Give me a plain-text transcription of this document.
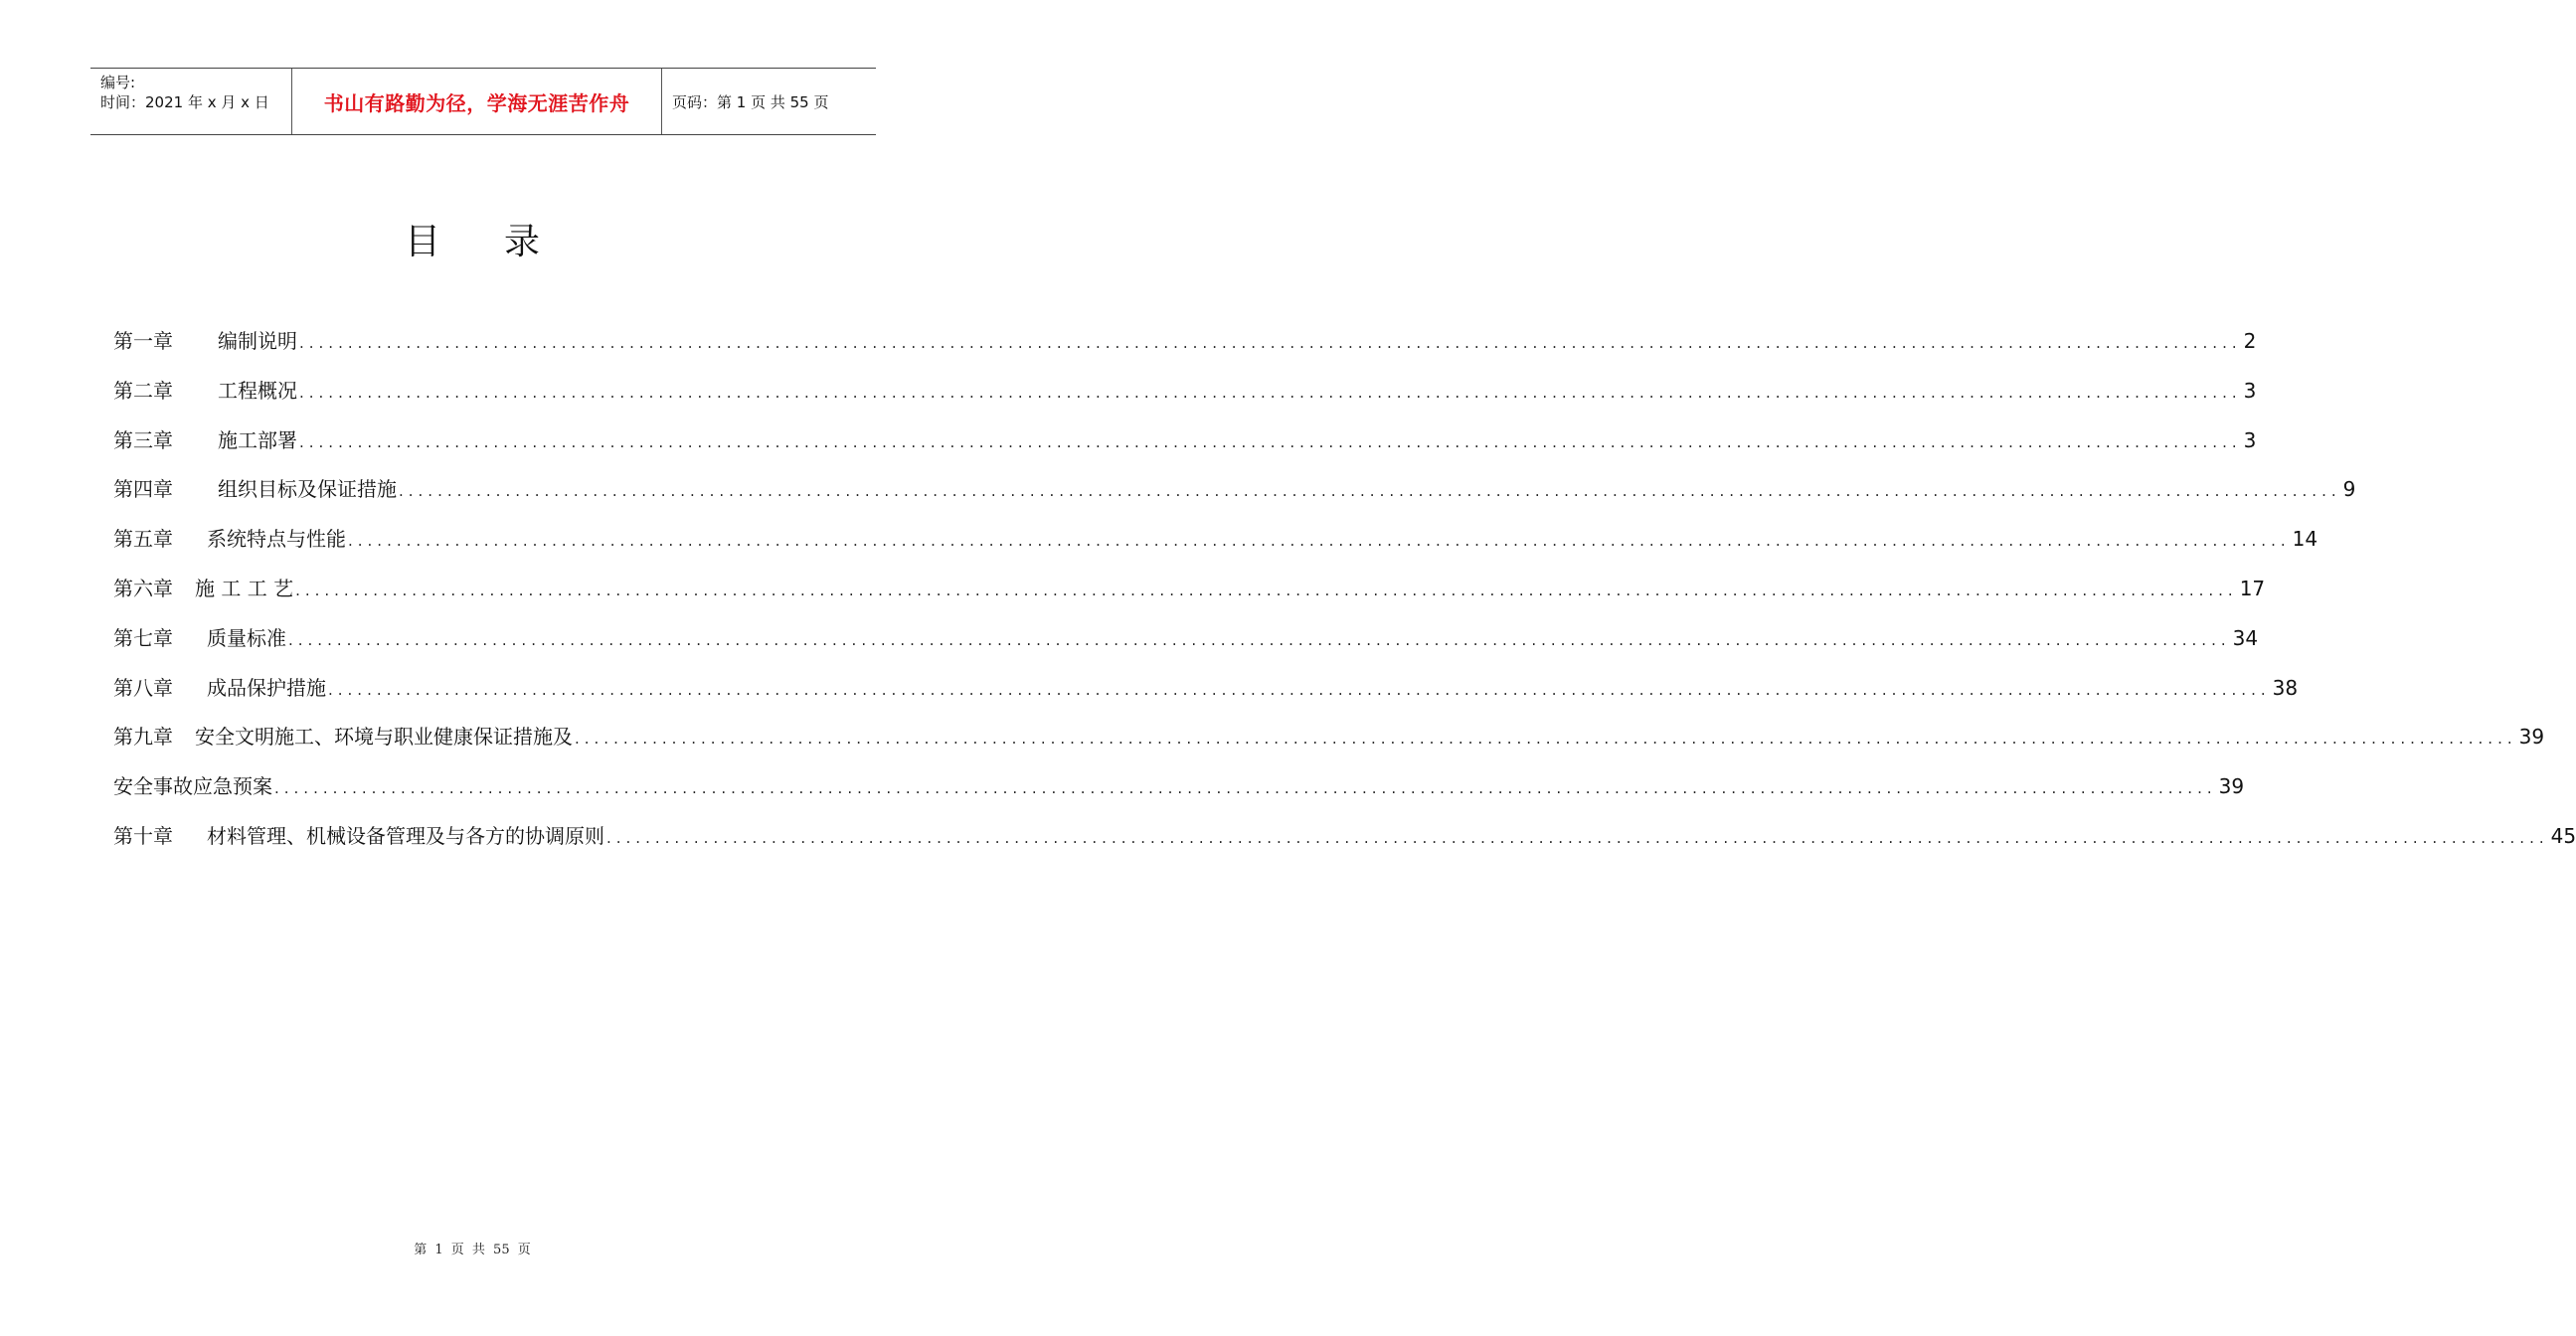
编号:
时间：2021 年 x 月 x 日	书山有路勤为径，学海无涯苦作舟	页码：第 1 页 共 55 页
目录
第一章 编制说明 ........................................................................................................................................................................................................ 2
第二章 工程概况 ........................................................................................................................................................................................................ 3
第三章 施工部署 ........................................................................................................................................................................................................ 3
第四章 组织目标及保证措施 ........................................................................................................................................................................................................ 9
第五章 系统特点与性能 ........................................................................................................................................................................................................ 14
第六章 施 工 工 艺 ........................................................................................................................................................................................................ 17
第七章 质量标准 ........................................................................................................................................................................................................ 34
第八章 成品保护措施 ........................................................................................................................................................................................................ 38
第九章 安全文明施工、环境与职业健康保证措施及 ........................................................................................................................................................................................................ 39
安全事故应急预案 ........................................................................................................................................................................................................ 39
第十章 材料管理、机械设备管理及与各方的协调原则 ........................................................................................................................................................................................................ 45
第 1 页 共 55 页
